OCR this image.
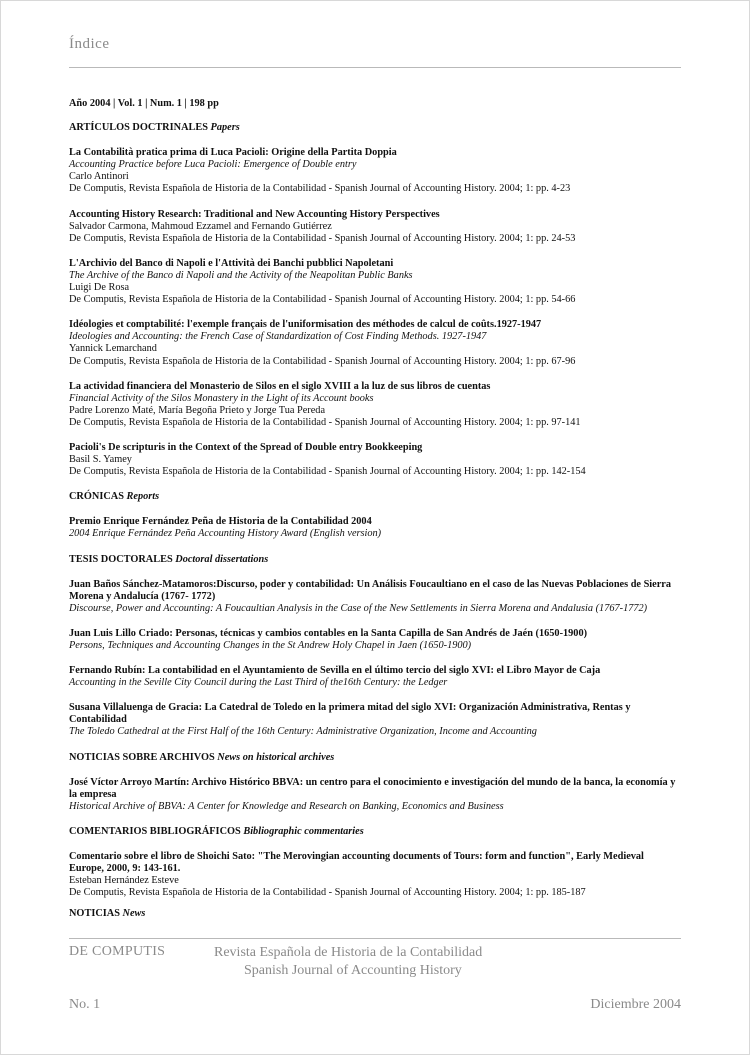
Índice
Año 2004 | Vol. 1 | Num. 1 | 198 pp
ARTÍCULOS DOCTRINALES Papers
La Contabilità pratica prima di Luca Pacioli: Origine della Partita Doppia
Accounting Practice before Luca Pacioli: Emergence of Double entry
Carlo Antinori
De Computis, Revista Española de Historia de la Contabilidad - Spanish Journal of Accounting History. 2004; 1: pp. 4-23
Accounting History Research: Traditional and New Accounting History Perspectives
Salvador Carmona, Mahmoud Ezzamel and Fernando Gutiérrez
De Computis, Revista Española de Historia de la Contabilidad - Spanish Journal of Accounting History. 2004; 1: pp. 24-53
L'Archivio del Banco di Napoli e l'Attività dei Banchi pubblici Napoletani
The Archive of the Banco di Napoli and the Activity of the Neapolitan Public Banks
Luigi De Rosa
De Computis, Revista Española de Historia de la Contabilidad - Spanish Journal of Accounting History. 2004; 1: pp. 54-66
Idéologies et comptabilité: l'exemple français de l'uniformisation des méthodes de calcul de coûts.1927-1947
Ideologies and Accounting: the French Case of Standardization of Cost Finding Methods. 1927-1947
Yannick Lemarchand
De Computis, Revista Española de Historia de la Contabilidad - Spanish Journal of Accounting History. 2004; 1: pp. 67-96
La actividad financiera del Monasterio de Silos en el siglo XVIII a la luz de sus libros de cuentas
Financial Activity of the Silos Monastery in the Light of its Account books
Padre Lorenzo Maté, María Begoña Prieto y Jorge Tua Pereda
De Computis, Revista Española de Historia de la Contabilidad - Spanish Journal of Accounting History. 2004; 1: pp. 97-141
Pacioli's De scripturis in the Context of the Spread of Double entry Bookkeeping
Basil S. Yamey
De Computis, Revista Española de Historia de la Contabilidad - Spanish Journal of Accounting History. 2004; 1: pp. 142-154
CRÓNICAS Reports
Premio Enrique Fernández Peña de Historia de la Contabilidad 2004
2004 Enrique Fernández Peña Accounting History Award (English version)
TESIS DOCTORALES Doctoral dissertations
Juan Baños Sánchez-Matamoros:Discurso, poder y contabilidad: Un Análisis Foucaultiano en el caso de las Nuevas Poblaciones de Sierra Morena y Andalucía (1767- 1772)
Discourse, Power and Accounting: A Foucaultian Analysis in the Case of the New Settlements in Sierra Morena and Andalusia (1767-1772)
Juan Luis Lillo Criado: Personas, técnicas y cambios contables en la Santa Capilla de San Andrés de Jaén (1650-1900)
Persons, Techniques and Accounting Changes in the St Andrew Holy Chapel in Jaen (1650-1900)
Fernando Rubín: La contabilidad en el Ayuntamiento de Sevilla en el último tercio del siglo XVI: el Libro Mayor de Caja
Accounting in the Seville City Council during the Last Third of the16th Century: the Ledger
Susana Villaluenga de Gracia: La Catedral de Toledo en la primera mitad del siglo XVI: Organización Administrativa, Rentas y Contabilidad
The Toledo Cathedral at the First Half of the 16th Century: Administrative Organization, Income and Accounting
NOTICIAS SOBRE ARCHIVOS News on historical archives
José Víctor Arroyo Martín: Archivo Histórico BBVA: un centro para el conocimiento e investigación del mundo de la banca, la economía y la empresa
Historical Archive of BBVA: A Center for Knowledge and Research on Banking, Economics and Business
COMENTARIOS BIBLIOGRÁFICOS Bibliographic commentaries
Comentario sobre el libro de Shoichi Sato: "The Merovingian accounting documents of Tours: form and function", Early Medieval Europe, 2000, 9: 143-161.
Esteban Hernández Esteve
De Computis, Revista Española de Historia de la Contabilidad - Spanish Journal of Accounting History. 2004; 1: pp. 185-187
NOTICIAS News
DE COMPUTIS	Revista Española de Historia de la Contabilidad
Spanish Journal of Accounting History
No. 1	Diciembre 2004
